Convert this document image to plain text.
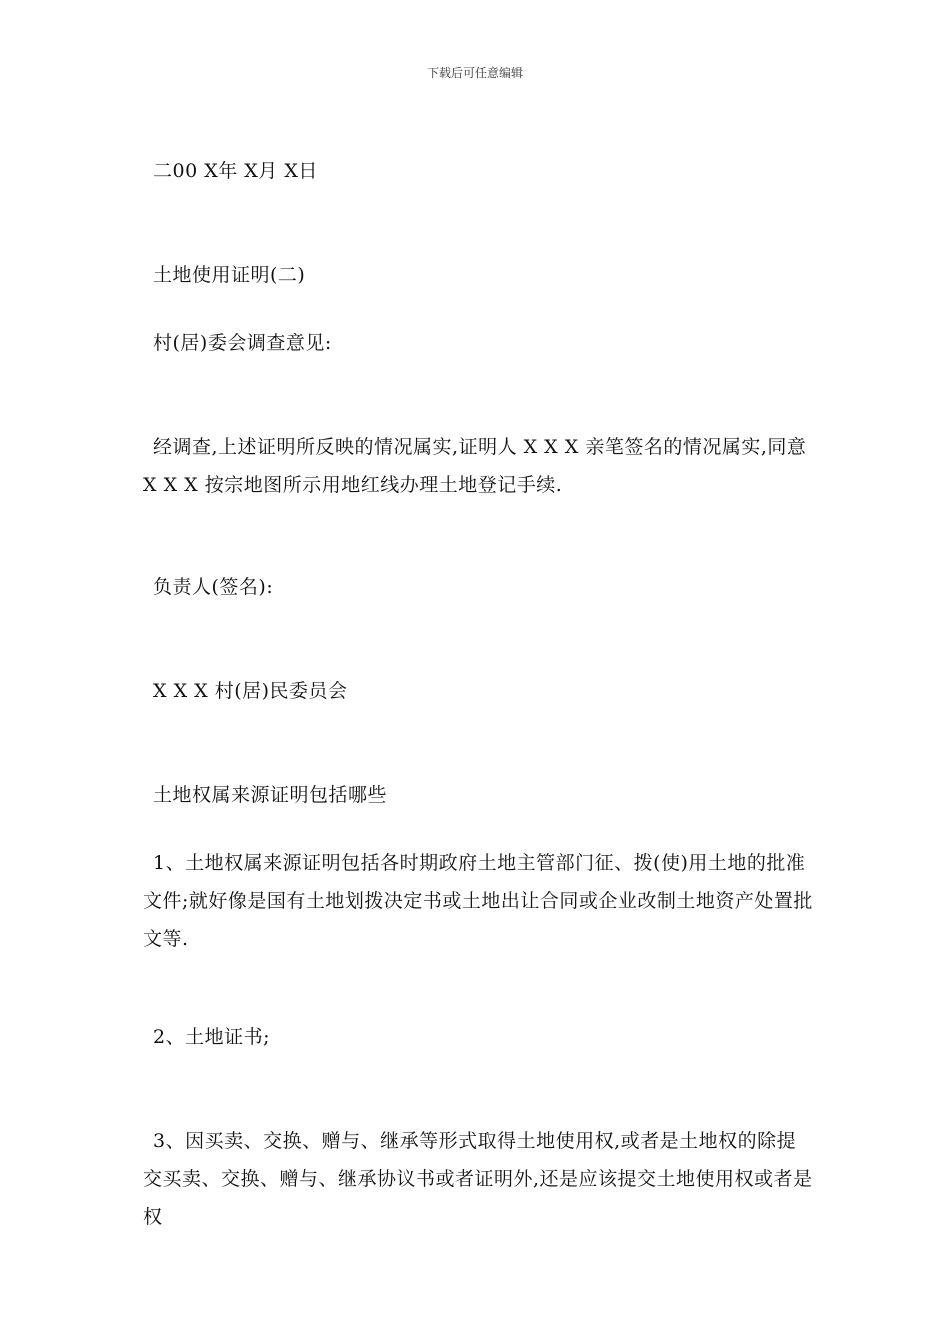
下载后可任意编辑
二00 X年 X月 X日
土地使用证明(二)
村(居)委会调查意见:
经调查,上述证明所反映的情况属实,证明人 X X X 亲笔签名的情况属实,同意 X X X 按宗地图所示用地红线办理土地登记手续.
负责人(签名):
X X X 村(居)民委员会
土地权属来源证明包括哪些
1、土地权属来源证明包括各时期政府土地主管部门征、拨(使)用土地的批准文件;就好像是国有土地划拨决定书或土地出让合同或企业改制土地资产处置批文等.
2、土地证书;
3、因买卖、交换、赠与、继承等形式取得土地使用权,或者是土地权的除提交买卖、交换、赠与、继承协议书或者证明外,还是应该提交土地使用权或者是权
